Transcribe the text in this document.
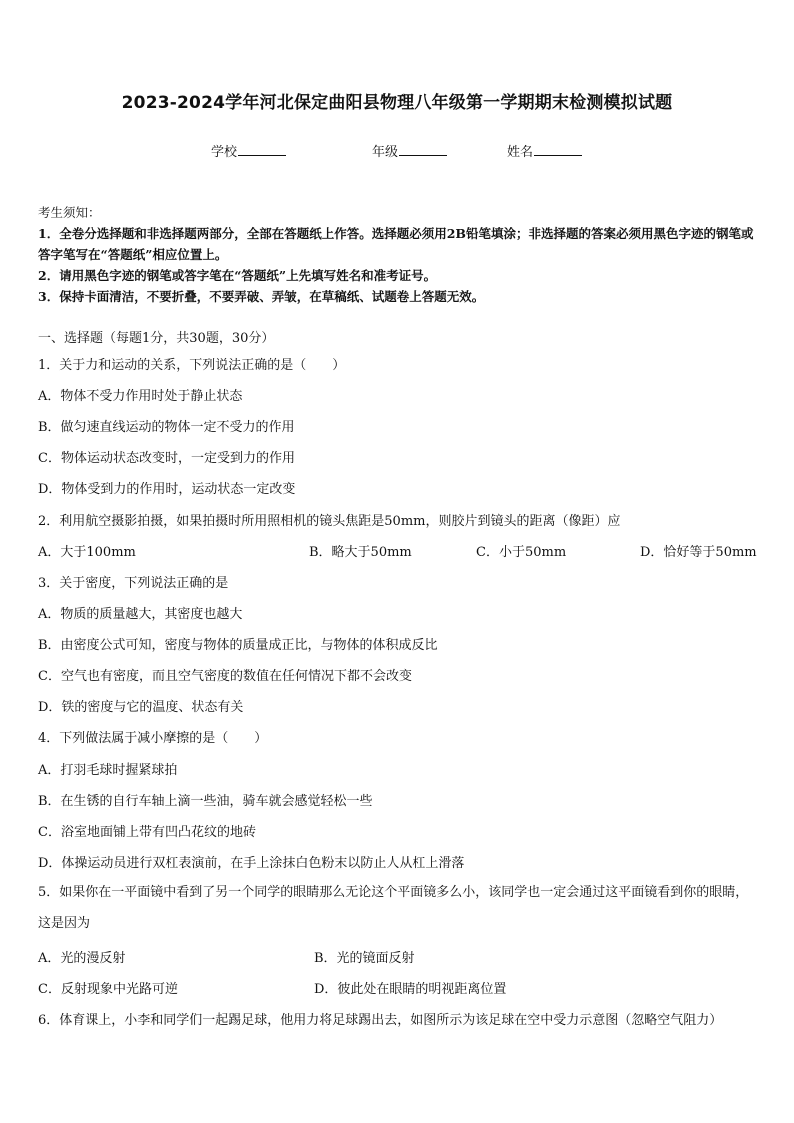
2023-2024学年河北保定曲阳县物理八年级第一学期期末检测模拟试题
学校	年级	姓名
考生须知：
1．全卷分选择题和非选择题两部分，全部在答题纸上作答。选择题必须用2B铅笔填涂；非选择题的答案必须用黑色字迹的钢笔或答字笔写在“答题纸”相应位置上。
2．请用黑色字迹的钢笔或答字笔在“答题纸”上先填写姓名和准考证号。
3．保持卡面清洁，不要折叠，不要弄破、弄皱，在草稿纸、试题卷上答题无效。
一、选择题（每题1分，共30题，30分）
1．关于力和运动的关系，下列说法正确的是（　　）
A．物体不受力作用时处于静止状态
B．做匀速直线运动的物体一定不受力的作用
C．物体运动状态改变时，一定受到力的作用
D．物体受到力的作用时，运动状态一定改变
2．利用航空摄影拍摄，如果拍摄时所用照相机的镜头焦距是50mm，则胶片到镜头的距离（像距）应
A．大于100mm	B．略大于50mm	C．小于50mm	D．恰好等于50mm
3．关于密度，下列说法正确的是
A．物质的质量越大，其密度也越大
B．由密度公式可知，密度与物体的质量成正比，与物体的体积成反比
C．空气也有密度，而且空气密度的数值在任何情况下都不会改变
D．铁的密度与它的温度、状态有关
4．下列做法属于减小摩擦的是（　　）
A．打羽毛球时握紧球拍
B．在生锈的自行车轴上滴一些油，骑车就会感觉轻松一些
C．浴室地面铺上带有凹凸花纹的地砖
D．体操运动员进行双杠表演前，在手上涂抹白色粉末以防止人从杠上滑落
5．如果你在一平面镜中看到了另一个同学的眼睛那么无论这个平面镜多么小，该同学也一定会通过这平面镜看到你的眼睛，这是因为
A．光的漫反射	B．光的镜面反射
C．反射现象中光路可逆	D．彼此处在眼睛的明视距离位置
6．体育课上，小李和同学们一起踢足球，他用力将足球踢出去，如图所示为该足球在空中受力示意图（忽略空气阻力）
